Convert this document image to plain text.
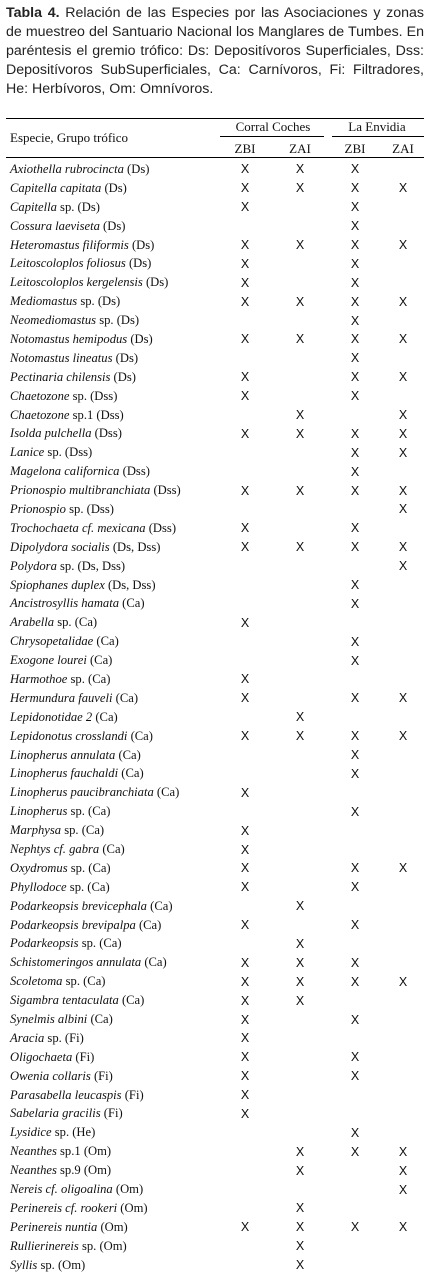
Tabla 4. Relación de las Especies por las Asociaciones y zonas de muestreo del Santuario Nacional los Manglares de Tumbes. En paréntesis el gremio trófico: Ds: Depositívoros Superficiales, Dss: Depositívoros SubSuperficiales, Ca: Carnívoros, Fi: Filtradores, He: Herbívoros, Om: Omnívoros.
Especie, Grupo trófico
Corral Coches	La Envidia
ZBI	ZAI	ZBI	ZAI
Axiothella rubrocincta (Ds)	X	X	X	
Capitella capitata (Ds)	X	X	X	X
Capitella sp. (Ds)	X		X	
Cossura laeviseta (Ds)			X	
Heteromastus filiformis (Ds)	X	X	X	X
Leitoscoloplos foliosus (Ds)	X		X	
Leitoscoloplos kergelensis (Ds)	X		X	
Mediomastus sp. (Ds)	X	X	X	X
Neomediomastus sp. (Ds)			X	
Notomastus hemipodus (Ds)	X	X	X	X
Notomastus lineatus (Ds)			X	
Pectinaria chilensis (Ds)	X		X	X
Chaetozone sp. (Dss)	X		X	
Chaetozone sp.1 (Dss)		X		X
Isolda pulchella (Dss)	X	X	X	X
Lanice sp. (Dss)			X	X
Magelona californica (Dss)			X	
Prionospio multibranchiata (Dss)	X	X	X	X
Prionospio sp. (Dss)				X
Trochochaeta cf. mexicana (Dss)	X		X	
Dipolydora socialis (Ds, Dss)	X	X	X	X
Polydora sp. (Ds, Dss)				X
Spiophanes duplex (Ds, Dss)			X	
Ancistrosyllis hamata (Ca)			X	
Arabella sp. (Ca)	X			
Chrysopetalidae (Ca)			X	
Exogone lourei (Ca)			X	
Harmothoe sp. (Ca)	X			
Hermundura fauveli (Ca)	X		X	X
Lepidonotidae 2 (Ca)		X		
Lepidonotus crosslandi (Ca)	X	X	X	X
Linopherus annulata (Ca)			X	
Linopherus fauchaldi (Ca)			X	
Linopherus paucibranchiata (Ca)	X			
Linopherus sp. (Ca)			X	
Marphysa sp. (Ca)	X			
Nephtys cf. gabra (Ca)	X			
Oxydromus sp. (Ca)	X		X	X
Phyllodoce sp. (Ca)	X		X	
Podarkeopsis brevicephala (Ca)		X		
Podarkeopsis brevipalpa (Ca)	X		X	
Podarkeopsis sp. (Ca)		X		
Schistomeringos annulata (Ca)	X	X	X	
Scoletoma sp. (Ca)	X	X	X	X
Sigambra tentaculata (Ca)	X	X		
Synelmis albini (Ca)	X		X	
Aracia sp. (Fi)	X			
Oligochaeta (Fi)	X		X	
Owenia collaris (Fi)	X		X	
Parasabella leucaspis (Fi)	X			
Sabelaria gracilis (Fi)	X			
Lysidice sp. (He)			X	
Neanthes sp.1 (Om)		X	X	X
Neanthes sp.9 (Om)		X		X
Nereis cf. oligoalina (Om)				X
Perinereis cf. rookeri (Om)		X		
Perinereis nuntia (Om)	X	X	X	X
Rullierinereis sp. (Om)		X		
Syllis sp. (Om)		X		
